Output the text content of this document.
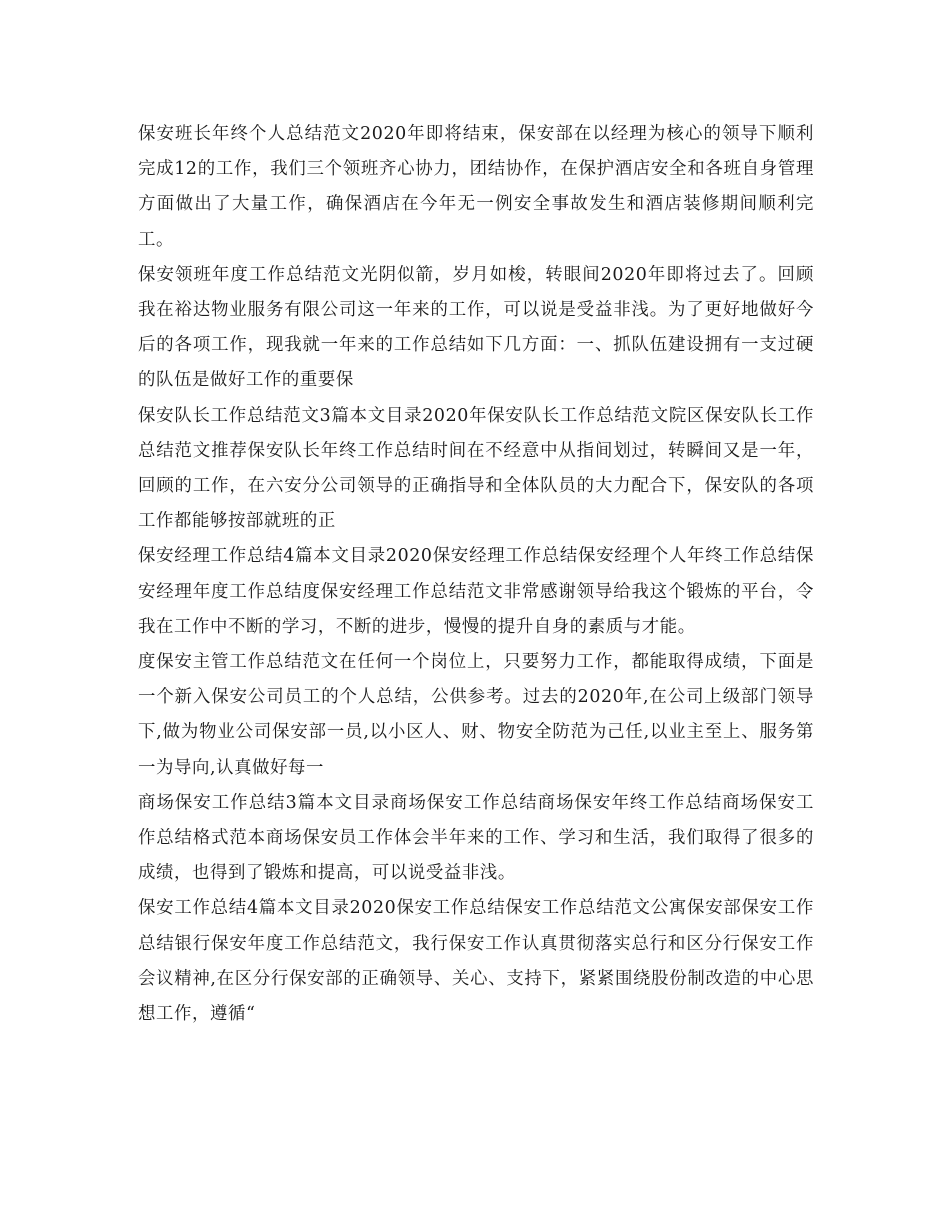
保安班长年终个人总结范文2020年即将结束，保安部在以经理为核心的领导下顺利完成12的工作，我们三个领班齐心协力，团结协作，在保护酒店安全和各班自身管理方面做出了大量工作，确保酒店在今年无一例安全事故发生和酒店装修期间顺利完工。

保安领班年度工作总结范文光阴似箭，岁月如梭，转眼间2020年即将过去了。回顾我在裕达物业服务有限公司这一年来的工作，可以说是受益非浅。为了更好地做好今后的各项工作，现我就一年来的工作总结如下几方面：一、抓队伍建设拥有一支过硬的队伍是做好工作的重要保

保安队长工作总结范文3篇本文目录2020年保安队长工作总结范文院区保安队长工作总结范文推荐保安队长年终工作总结时间在不经意中从指间划过，转瞬间又是一年，回顾的工作，在六安分公司领导的正确指导和全体队员的大力配合下，保安队的各项工作都能够按部就班的正

保安经理工作总结4篇本文目录2020保安经理工作总结保安经理个人年终工作总结保安经理年度工作总结度保安经理工作总结范文非常感谢领导给我这个锻炼的平台，令我在工作中不断的学习，不断的进步，慢慢的提升自身的素质与才能。

度保安主管工作总结范文在任何一个岗位上，只要努力工作，都能取得成绩，下面是一个新入保安公司员工的个人总结，公供参考。过去的2020年,在公司上级部门领导下,做为物业公司保安部一员,以小区人、财、物安全防范为己任,以业主至上、服务第一为导向,认真做好每一

商场保安工作总结3篇本文目录商场保安工作总结商场保安年终工作总结商场保安工作总结格式范本商场保安员工作体会半年来的工作、学习和生活，我们取得了很多的成绩，也得到了锻炼和提高，可以说受益非浅。

保安工作总结4篇本文目录2020保安工作总结保安工作总结范文公寓保安部保安工作总结银行保安年度工作总结范文，我行保安工作认真贯彻落实总行和区分行保安工作会议精神,在区分行保安部的正确领导、关心、支持下，紧紧围绕股份制改造的中心思想工作，遵循“
